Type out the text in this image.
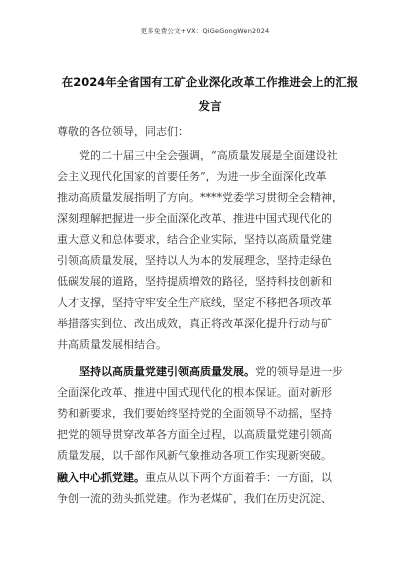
更多免费公文+VX：QiGeGongWen2024
在2024年全省国有工矿企业深化改革工作推进会上的汇报
发言
尊敬的各位领导，同志们：
党的二十届三中全会强调，“高质量发展是全面建设社
会主义现代化国家的首要任务”，为进一步全面深化改革
推动高质量发展指明了方向。****党委学习贯彻全会精神，
深刻理解把握进一步全面深化改革、推进中国式现代化的
重大意义和总体要求，结合企业实际，坚持以高质量党建
引领高质量发展，坚持以人为本的发展理念，坚持走绿色
低碳发展的道路，坚持提质增效的路径，坚持科技创新和
人才支撑，坚持守牢安全生产底线，坚定不移把各项改革
举措落实到位、改出成效，真正将改革深化提升行动与矿
井高质量发展相结合。
坚持以高质量党建引领高质量发展。党的领导是进一步
全面深化改革、推进中国式现代化的根本保证。面对新形
势和新要求，我们要始终坚持党的全面领导不动摇，坚持
把党的领导贯穿改革各方面全过程，以高质量党建引领高
质量发展，以千部作风新气象推动各项工作实现新突破。
融入中心抓党建。重点从以下两个方面着手：一方面，以
争创一流的劲头抓党建。作为老煤矿，我们在历史沉淀、
